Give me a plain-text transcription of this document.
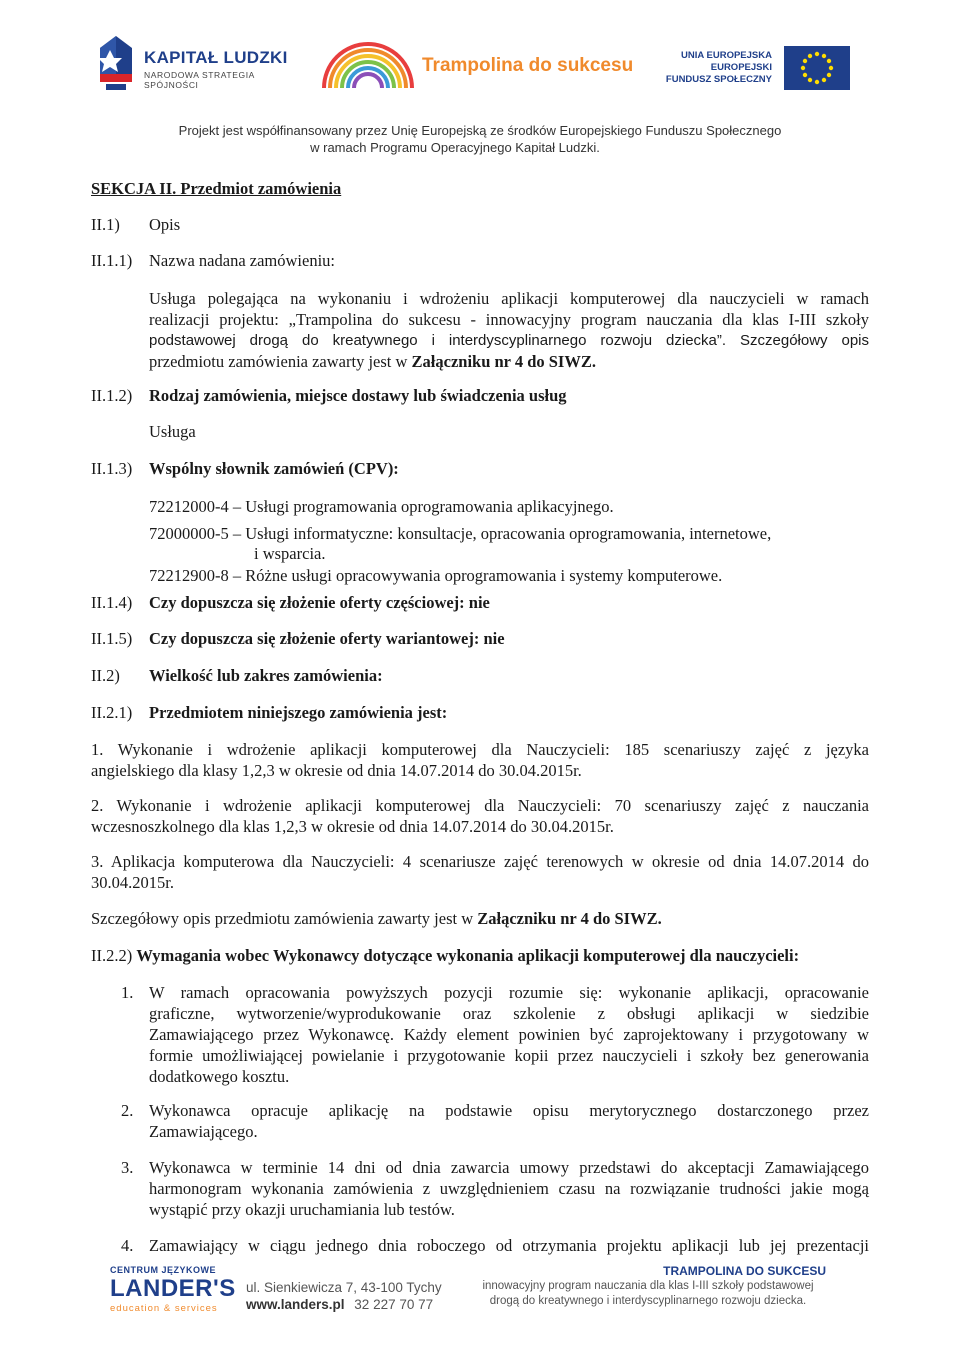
KAPITAŁ LUDZKI
NARODOWA STRATEGIA SPÓJNOŚCI
Trampolina do sukcesu	UNIA EUROPEJSKA
EUROPEJSKI
FUNDUSZ SPOŁECZNY
Projekt jest współfinansowany przez Unię Europejską ze środków Europejskiego Funduszu Społecznego
w ramach Programu Operacyjnego Kapitał Ludzki.
SEKCJA II. Przedmiot zamówienia
II.1) Opis
II.1.1) Nazwa nadana zamówieniu:
Usługa polegająca na wykonaniu i wdrożeniu aplikacji komputerowej dla nauczycieli w ramach
realizacji projektu: „Trampolina do sukcesu - innowacyjny program nauczania dla klas I-III szkoły
podstawowej drogą do kreatywnego i interdyscyplinarnego rozwoju dziecka”. Szczegółowy opis
przedmiotu zamówienia zawarty jest w Załączniku nr 4 do SIWZ.
II.1.2) Rodzaj zamówienia, miejsce dostawy lub świadczenia usług
Usługa
II.1.3) Wspólny słownik zamówień (CPV):
72212000-4 – Usługi programowania oprogramowania aplikacyjnego.
72000000-5 – Usługi informatyczne: konsultacje, opracowania oprogramowania, internetowe,
i wsparcia.
72212900-8 – Różne usługi opracowywania oprogramowania i systemy komputerowe.
II.1.4) Czy dopuszcza się złożenie oferty częściowej: nie
II.1.5) Czy dopuszcza się złożenie oferty wariantowej: nie
II.2) Wielkość lub zakres zamówienia:
II.2.1) Przedmiotem niniejszego zamówienia jest:
1. Wykonanie i wdrożenie aplikacji komputerowej dla Nauczycieli: 185 scenariuszy zajęć z języka
angielskiego dla klasy 1,2,3 w okresie od dnia 14.07.2014 do 30.04.2015r.
2. Wykonanie i wdrożenie aplikacji komputerowej dla Nauczycieli: 70 scenariuszy zajęć z nauczania
wczesnoszkolnego dla klas 1,2,3 w okresie od dnia 14.07.2014 do 30.04.2015r.
3. Aplikacja komputerowa dla Nauczycieli: 4 scenariusze zajęć terenowych w okresie od dnia 14.07.2014 do
30.04.2015r.
Szczegółowy opis przedmiotu zamówienia zawarty jest w Załączniku nr 4 do SIWZ.
II.2.2) Wymagania wobec Wykonawcy dotyczące wykonania aplikacji komputerowej dla nauczycieli:
1. W ramach opracowania powyższych pozycji rozumie się: wykonanie aplikacji, opracowanie
graficzne, wytworzenie/wyprodukowanie oraz szkolenie z obsługi aplikacji w siedzibie
Zamawiającego przez Wykonawcę. Każdy element powinien być zaprojektowany i przygotowany w
formie umożliwiającej powielanie i przygotowanie kopii przez nauczycieli i szkoły bez generowania
dodatkowego kosztu.
2. Wykonawca opracuje aplikację na podstawie opisu merytorycznego dostarczonego przez
Zamawiającego.
3. Wykonawca w terminie 14 dni od dnia zawarcia umowy przedstawi do akceptacji Zamawiającego
harmonogram wykonania zamówienia z uwzględnieniem czasu na rozwiązanie trudności jakie mogą
wystąpić przy okazji uruchamiania lub testów.
4. Zamawiający w ciągu jednego dnia roboczego od otrzymania projektu aplikacji lub jej prezentacji
CENTRUM JĘZYKOWE
LANDER'S
education & services
ul. Sienkiewicza 7, 43-100 Tychy
www.landers.pl 32 227 70 77
TRAMPOLINA DO SUKCESU
innowacyjny program nauczania dla klas I-III szkoły podstawowej
drogą do kreatywnego i interdyscyplinarnego rozwoju dziecka.
